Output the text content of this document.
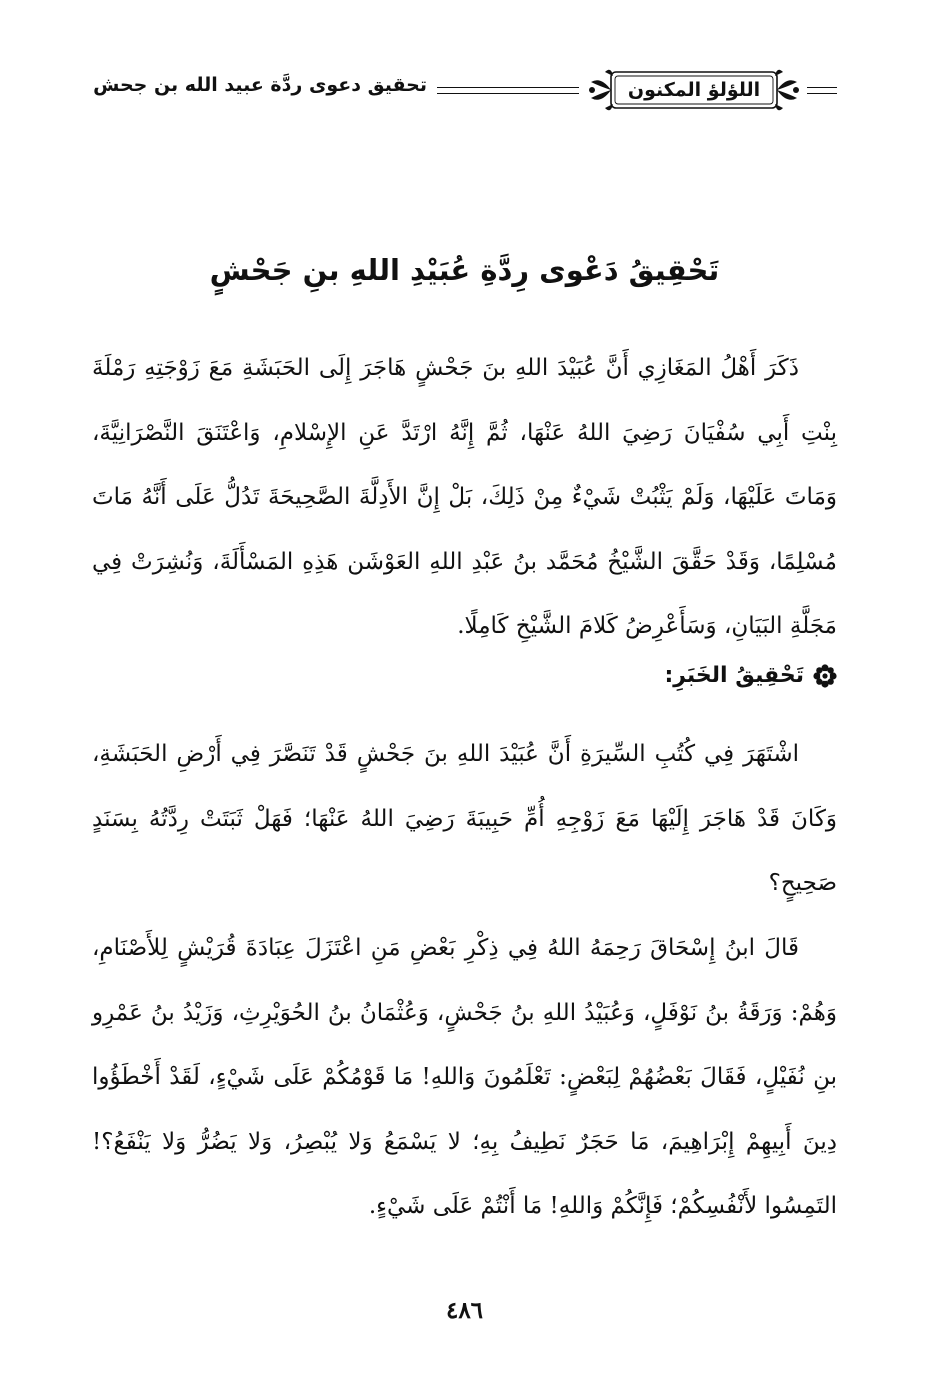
اللؤلؤ المكنون
تحقيق دعوى ردَّة عبيد الله بن جحش
تَحْقِيقُ دَعْوى رِدَّةِ عُبَيْدِ اللهِ بنِ جَحْشٍ

ذَكَرَ أَهْلُ المَغَازِي أَنَّ عُبَيْدَ اللهِ بنَ جَحْشٍ هَاجَرَ إِلَى الحَبَشَةِ مَعَ زَوْجَتِهِ رَمْلَةَ بِنْتِ أَبِي سُفْيَانَ رَضِيَ اللهُ عَنْهَا، ثُمَّ إِنَّهُ ارْتَدَّ عَنِ الإِسْلامِ، وَاعْتَنَقَ النَّصْرَانِيَّةَ، وَمَاتَ عَلَيْهَا، وَلَمْ يَثْبُتْ شَيْءٌ مِنْ ذَلِكَ، بَلْ إِنَّ الأَدِلَّةَ الصَّحِيحَةَ تَدُلُّ عَلَى أَنَّهُ مَاتَ مُسْلِمًا، وَقَدْ حَقَّقَ الشَّيْخُ مُحَمَّد بنُ عَبْدِ اللهِ العَوْشَن هَذِهِ المَسْأَلَةَ، وَنُشِرَتْ فِي مَجَلَّةِ البَيَانِ، وَسَأَعْرِضُ كَلامَ الشَّيْخِ كَامِلًا.

تَحْقِيقُ الخَبَرِ:

اشْتَهَرَ فِي كُتُبِ السِّيرَةِ أَنَّ عُبَيْدَ اللهِ بنَ جَحْشٍ قَدْ تَنَصَّرَ فِي أَرْضِ الحَبَشَةِ، وَكَانَ قَدْ هَاجَرَ إِلَيْهَا مَعَ زَوْجِهِ أُمِّ حَبِيبَةَ رَضِيَ اللهُ عَنْهَا؛ فَهَلْ ثَبَتَتْ رِدَّتُهُ بِسَنَدٍ صَحِيحٍ؟

قَالَ ابنُ إِسْحَاقَ رَحِمَهُ اللهُ فِي ذِكْرِ بَعْضِ مَنِ اعْتَزَلَ عِبَادَةَ قُرَيْشٍ لِلأَصْنَامِ، وَهُمْ: وَرَقَةُ بنُ نَوْفَلٍ، وَعُبَيْدُ اللهِ بنُ جَحْشٍ، وَعُثْمَانُ بنُ الحُوَيْرِثِ، وَزَيْدُ بنُ عَمْرِو بنِ نُفَيْلٍ، فَقَالَ بَعْضُهُمْ لِبَعْضٍ: تَعْلَمُونَ وَاللهِ! مَا قَوْمُكُمْ عَلَى شَيْءٍ، لَقَدْ أَخْطَؤُوا دِينَ أَبِيهِمْ إِبْرَاهِيمَ، مَا حَجَرٌ نَطِيفُ بِهِ؛ لا يَسْمَعُ وَلا يُبْصِرُ، وَلا يَضُرُّ وَلا يَنْفَعُ؟! التَمِسُوا لأَنْفُسِكُمْ؛ فَإِنَّكُمْ وَاللهِ! مَا أَنْتُمْ عَلَى شَيْءٍ.

٤٨٦
